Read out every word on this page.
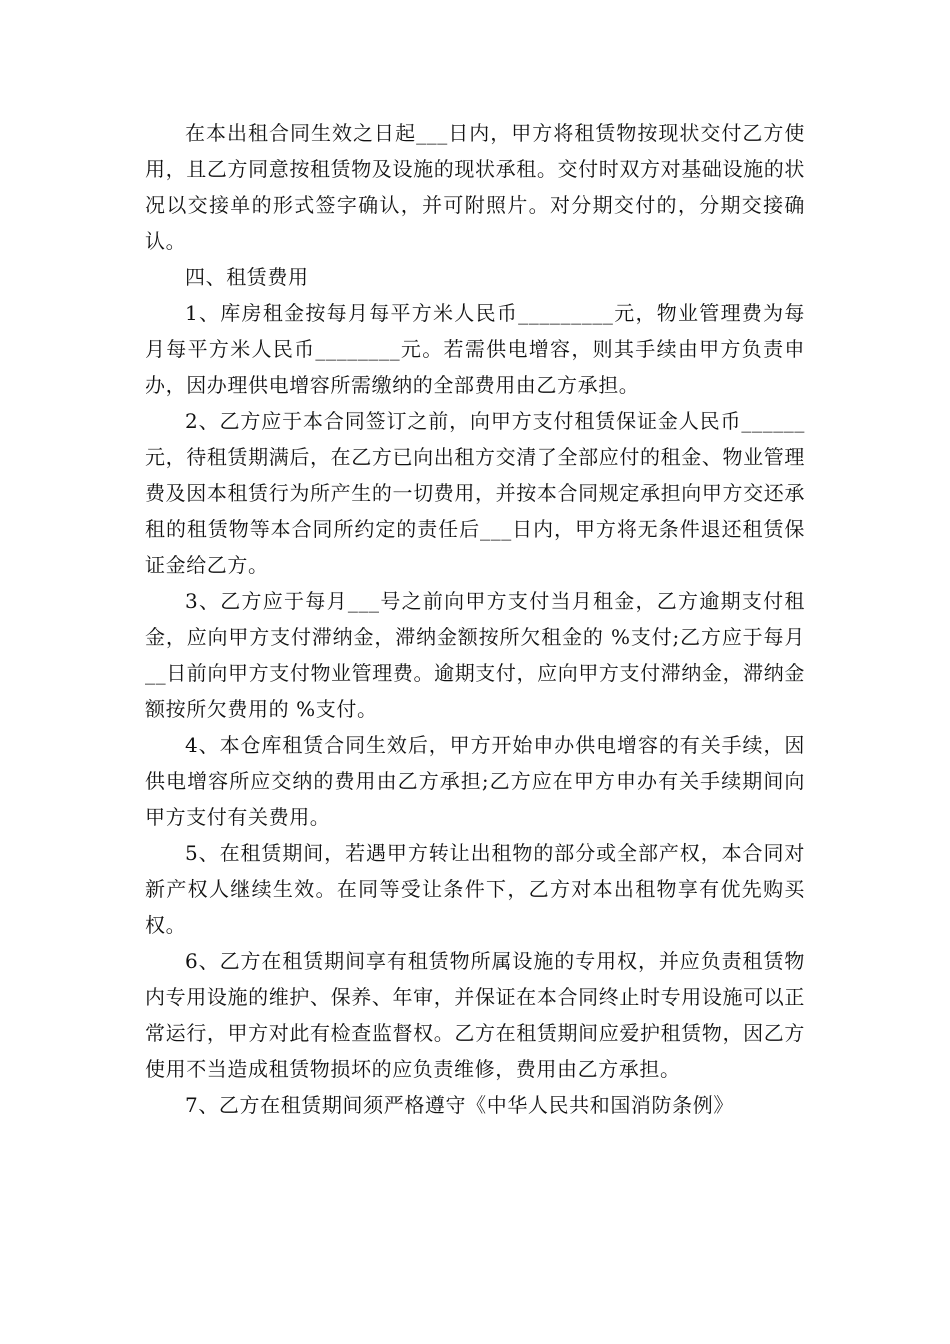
在本出租合同生效之日起___日内，甲方将租赁物按现状交付乙方使用，且乙方同意按租赁物及设施的现状承租。交付时双方对基础设施的状况以交接单的形式签字确认，并可附照片。对分期交付的，分期交接确认。

四、租赁费用

1、库房租金按每月每平方米人民币_________元，物业管理费为每月每平方米人民币________元。若需供电增容，则其手续由甲方负责申办，因办理供电增容所需缴纳的全部费用由乙方承担。

2、乙方应于本合同签订之前，向甲方支付租赁保证金人民币______元，待租赁期满后，在乙方已向出租方交清了全部应付的租金、物业管理费及因本租赁行为所产生的一切费用，并按本合同规定承担向甲方交还承租的租赁物等本合同所约定的责任后___日内，甲方将无条件退还租赁保证金给乙方。

3、乙方应于每月___号之前向甲方支付当月租金，乙方逾期支付租金，应向甲方支付滞纳金，滞纳金额按所欠租金的 %支付;乙方应于每月__日前向甲方支付物业管理费。逾期支付，应向甲方支付滞纳金，滞纳金额按所欠费用的 %支付。

4、本仓库租赁合同生效后，甲方开始申办供电增容的有关手续，因供电增容所应交纳的费用由乙方承担;乙方应在甲方申办有关手续期间向甲方支付有关费用。

5、在租赁期间，若遇甲方转让出租物的部分或全部产权，本合同对新产权人继续生效。在同等受让条件下，乙方对本出租物享有优先购买权。

6、乙方在租赁期间享有租赁物所属设施的专用权，并应负责租赁物内专用设施的维护、保养、年审，并保证在本合同终止时专用设施可以正常运行，甲方对此有检查监督权。乙方在租赁期间应爱护租赁物，因乙方使用不当造成租赁物损坏的应负责维修，费用由乙方承担。

7、乙方在租赁期间须严格遵守《中华人民共和国消防条例》
